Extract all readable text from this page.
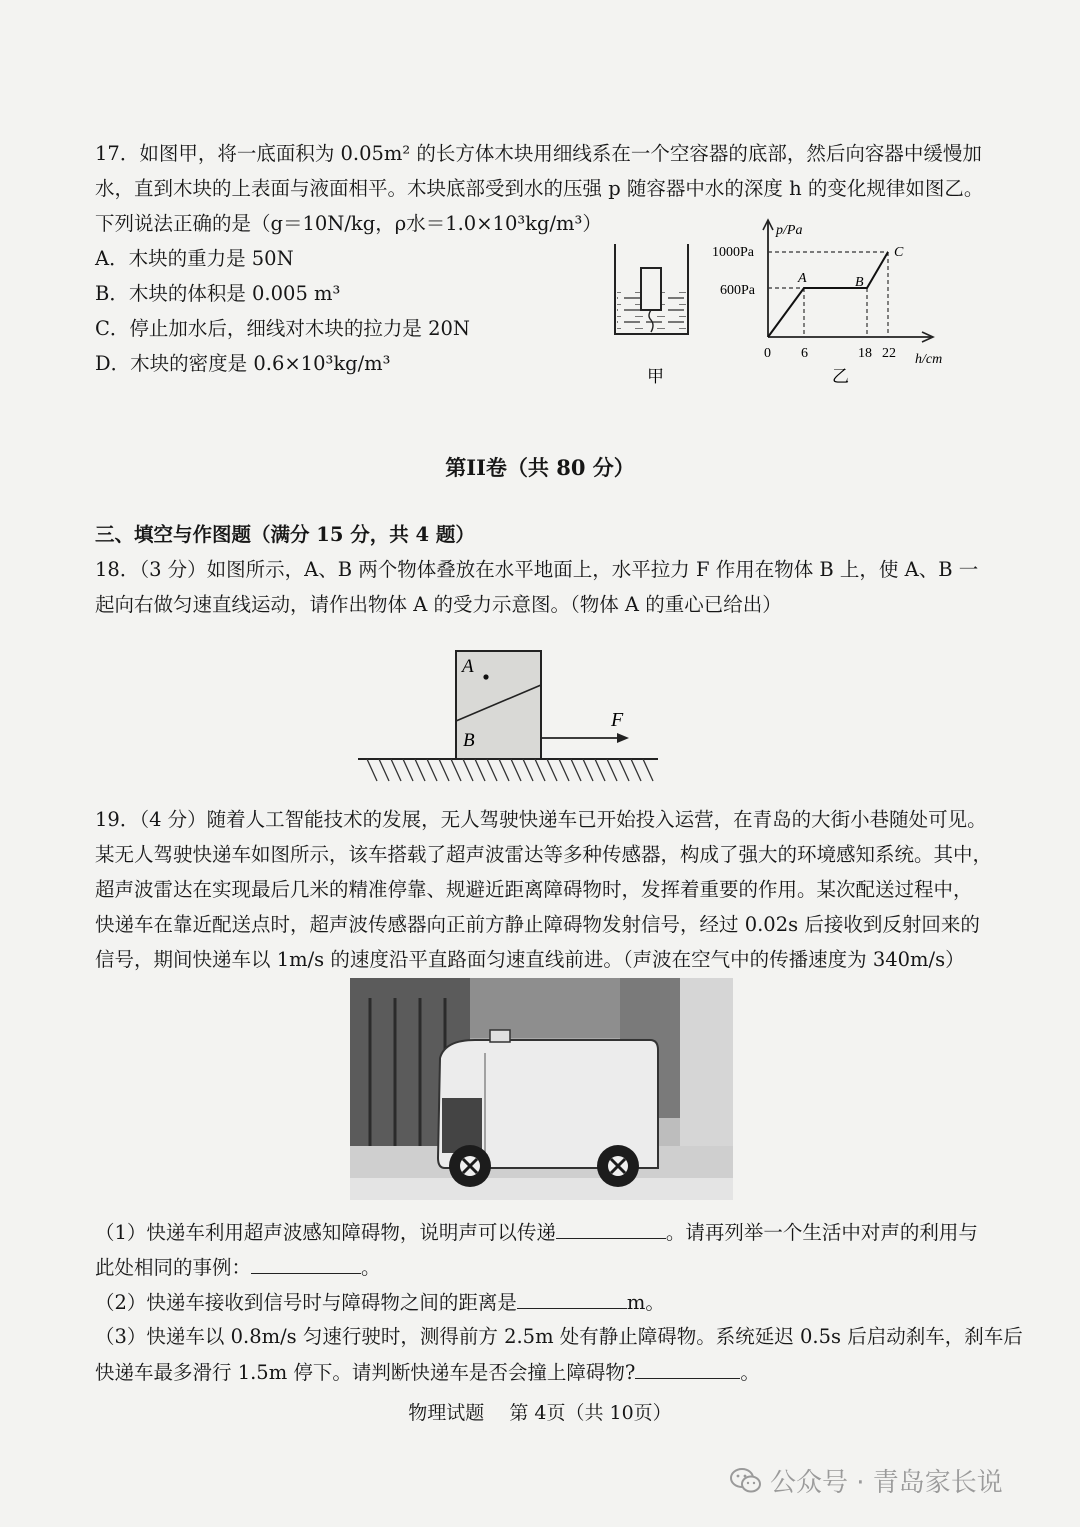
17．如图甲，将一底面积为 0.05m² 的长方体木块用细线系在一个空容器的底部，然后向容器中缓慢加
水，直到木块的上表面与液面相平。木块底部受到水的压强 p 随容器中水的深度 h 的变化规律如图乙。
下列说法正确的是（g＝10N/kg，ρ水＝1.0×10³kg/m³）
A．木块的重力是 50N
B．木块的体积是 0.005 m³
C．停止加水后，细线对木块的拉力是 20N
D．木块的密度是 0.6×10³kg/m³
甲
p/Pa
h/cm
0
1000Pa
600Pa
6	18 22
A	B
C
乙
第II卷（共 80 分）
三、填空与作图题（满分 15 分，共 4 题）
18．（3 分）如图所示，A、B 两个物体叠放在水平地面上，水平拉力 F 作用在物体 B 上，使 A、B 一
起向右做匀速直线运动，请作出物体 A 的受力示意图。（物体 A 的重心已给出）
A
B
F
19．（4 分）随着人工智能技术的发展，无人驾驶快递车已开始投入运营，在青岛的大街小巷随处可见。
某无人驾驶快递车如图所示，该车搭载了超声波雷达等多种传感器，构成了强大的环境感知系统。其中，
超声波雷达在实现最后几米的精准停靠、规避近距离障碍物时，发挥着重要的作用。某次配送过程中，
快递车在靠近配送点时，超声波传感器向正前方静止障碍物发射信号，经过 0.02s 后接收到反射回来的
信号，期间快递车以 1m/s 的速度沿平直路面匀速直线前进。（声波在空气中的传播速度为 340m/s）
（1）快递车利用超声波感知障碍物，说明声可以传递	。请再列举一个生活中对声的利用与
此处相同的事例：	。
（2）快递车接收到信号时与障碍物之间的距离是	m。
（3）快递车以 0.8m/s 匀速行驶时，测得前方 2.5m 处有静止障碍物。系统延迟 0.5s 后启动刹车，刹车后
快递车最多滑行 1.5m 停下。请判断快递车是否会撞上障碍物?	。
物理试题　 第 4页（共 10页）
公众号 · 青岛家长说
